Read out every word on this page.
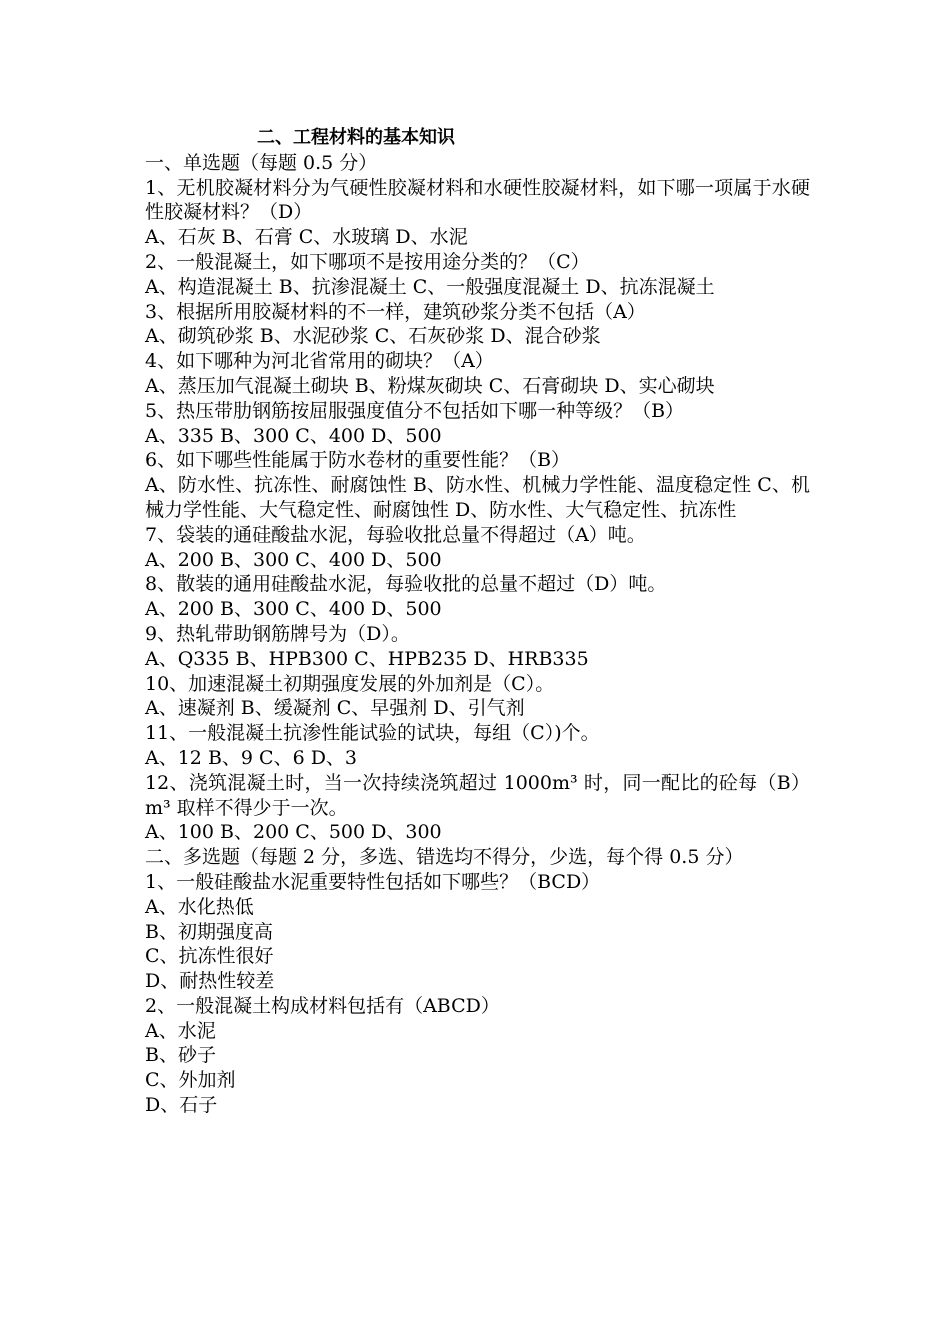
二、工程材料的基本知识

一、单选题（每题 0.5 分）

1、无机胶凝材料分为气硬性胶凝材料和水硬性胶凝材料，如下哪一项属于水硬性胶凝材料？（D）

A、石灰 B、石膏 C、水玻璃 D、水泥

2、一般混凝土，如下哪项不是按用途分类的？（C）

A、构造混凝土 B、抗渗混凝土 C、一般强度混凝土 D、抗冻混凝土

3、根据所用胶凝材料的不一样，建筑砂浆分类不包括（A）

A、砌筑砂浆 B、水泥砂浆 C、石灰砂浆 D、混合砂浆

4、如下哪种为河北省常用的砌块？（A）

A、蒸压加气混凝土砌块 B、粉煤灰砌块 C、石膏砌块 D、实心砌块

5、热压带肋钢筋按屈服强度值分不包括如下哪一种等级？（B）

A、335 B、300 C、400 D、500

6、如下哪些性能属于防水卷材的重要性能？（B）

A、防水性、抗冻性、耐腐蚀性 B、防水性、机械力学性能、温度稳定性 C、机械力学性能、大气稳定性、耐腐蚀性 D、防水性、大气稳定性、抗冻性

7、袋装的通硅酸盐水泥，每验收批总量不得超过（A）吨。

A、200 B、300 C、400 D、500

8、散装的通用硅酸盐水泥，每验收批的总量不超过（D）吨。

A、200 B、300 C、400 D、500

9、热轧带助钢筋牌号为（D）。

A、Q335 B、HPB300 C、HPB235 D、HRB335

10、加速混凝土初期强度发展的外加剂是（C）。

A、速凝剂 B、缓凝剂 C、早强剂 D、引气剂

11、一般混凝土抗渗性能试验的试块，每组（C）)个。

A、12 B、9 C、6 D、3

12、浇筑混凝土时，当一次持续浇筑超过 1000m³ 时，同一配比的砼每（B）m³ 取样不得少于一次。

A、100 B、200 C、500 D、300

二、多选题（每题 2 分，多选、错选均不得分，少选，每个得 0.5 分）

1、一般硅酸盐水泥重要特性包括如下哪些？（BCD）

A、水化热低

B、初期强度高

C、抗冻性很好

D、耐热性较差

2、一般混凝土构成材料包括有（ABCD）

A、水泥

B、砂子

C、外加剂

D、石子
